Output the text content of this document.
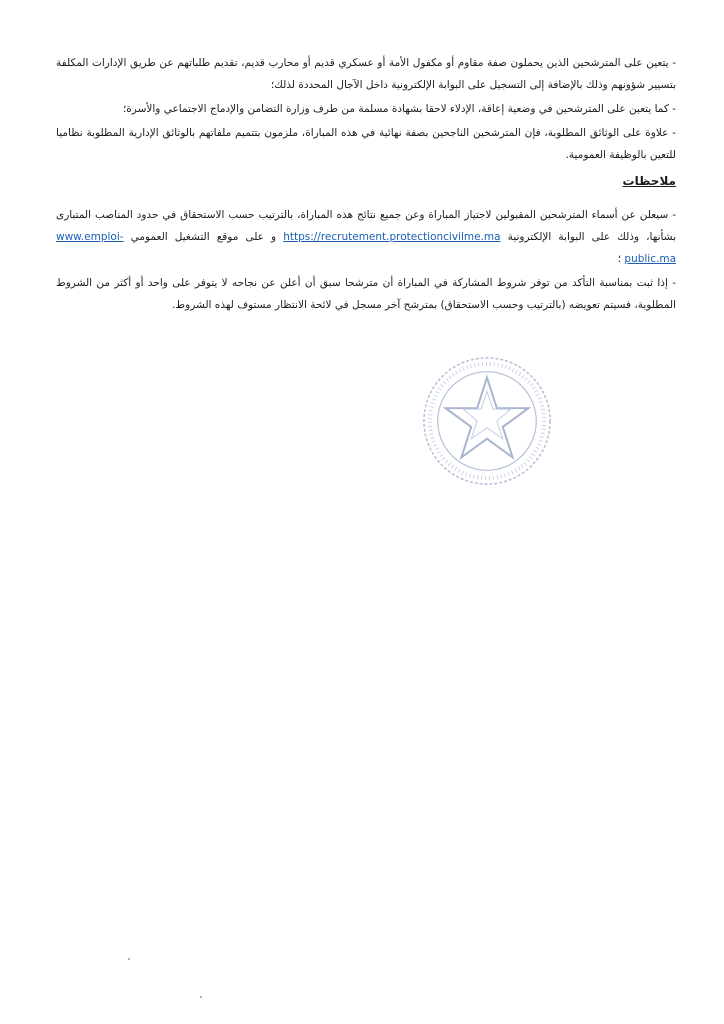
- يتعين على المترشحين الذين يحملون صفة مقاوم أو مكفول الأمة أو عسكري قديم أو محارب قديم، تقديم طلباتهم عن طريق الإدارات المكلفة بتسيير شؤونهم وذلك بالإضافة إلى التسجيل على البوابة الإلكترونية داخل الآجال المحددة لذلك؛

- كما يتعين على المترشحين في وضعية إعاقة، الإدلاء لاحقا بشهادة مسلمة من طرف وزارة التضامن والإدماج الاجتماعي والأسرة؛

- علاوة على الوثائق المطلوبة، فإن المترشحين الناجحين بصفة نهائية في هذه المباراة، ملزمون بتتميم ملفاتهم بالوثائق الإدارية المطلوبة نظاميا للتعين بالوظيفة العمومية.

ملاحظات

- سيعلن عن أسماء المترشحين المقبولين لاجتياز المباراة وعن جميع نتائج هذه المباراة، بالترتيب حسب الاستحقاق في حدود المناصب المتبارى بشأنها، وذلك على البوابة الإلكترونية https://recrutement.protectioncivilme.ma و على موقع التشغيل العمومي www.emploi-public.ma ؛

- إذا ثبت بمناسبة التأكد من توفر شروط المشاركة في المباراة أن مترشحا سبق أن أعلن عن نجاحه لا يتوفر على واحد أو أكثر من الشروط المطلوبة، فسيتم تعويضه (بالترتيب وحسب الاستحقاق) بمترشح آخر مسجل في لائحة الانتظار مستوف لهذه الشروط.
